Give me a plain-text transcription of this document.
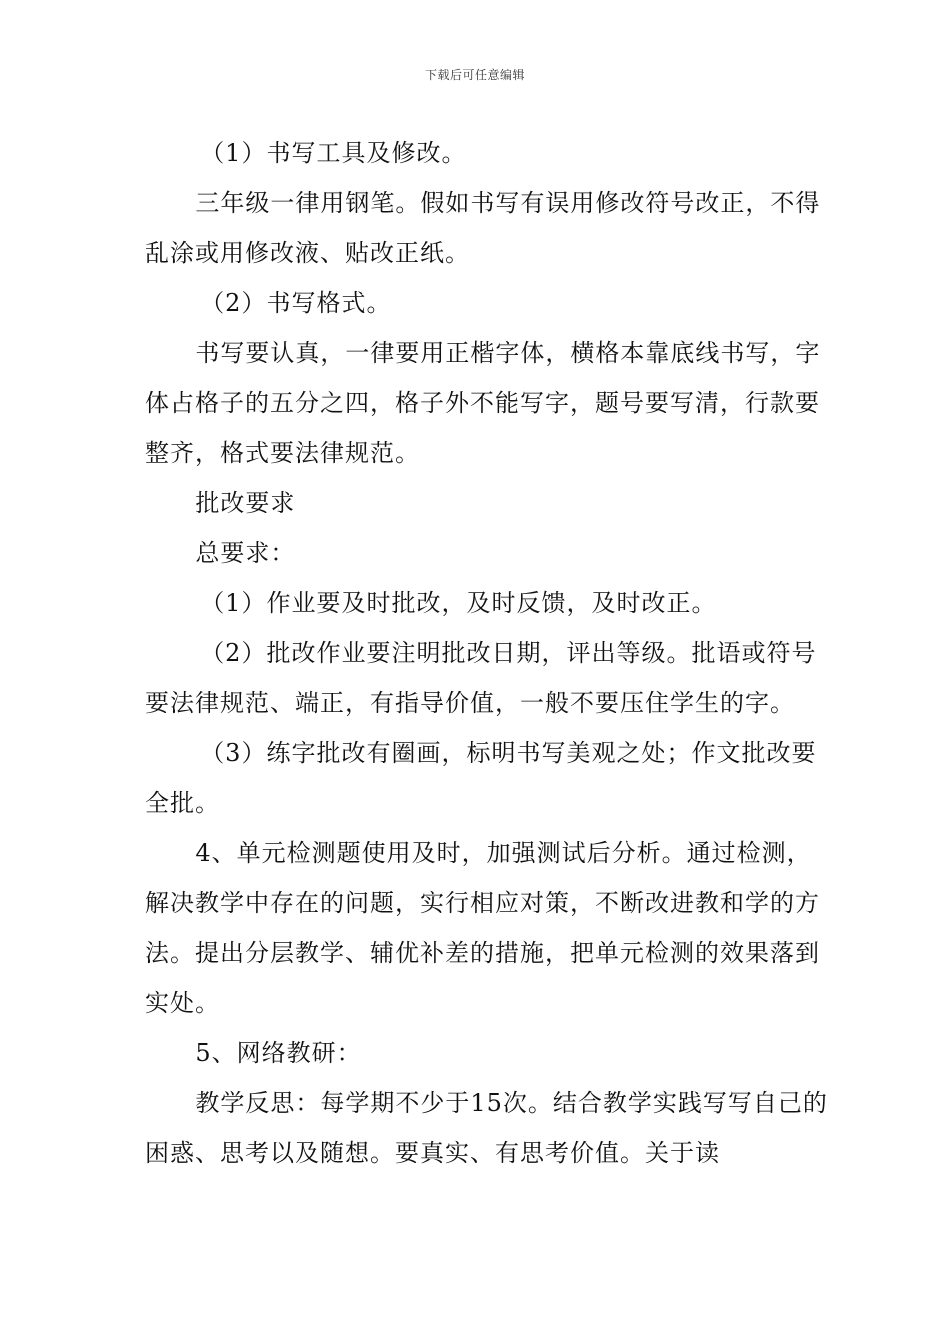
下载后可任意编辑

（1）书写工具及修改。

三年级一律用钢笔。假如书写有误用修改符号改正，不得乱涂或用修改液、贴改正纸。

（2）书写格式。

书写要认真，一律要用正楷字体，横格本靠底线书写，字体占格子的五分之四，格子外不能写字，题号要写清，行款要整齐，格式要法律规范。

批改要求

总要求：

（1）作业要及时批改，及时反馈，及时改正。

（2）批改作业要注明批改日期，评出等级。批语或符号要法律规范、端正，有指导价值，一般不要压住学生的字。

（3）练字批改有圈画，标明书写美观之处；作文批改要全批。

4、单元检测题使用及时，加强测试后分析。通过检测，解决教学中存在的问题，实行相应对策，不断改进教和学的方法。提出分层教学、辅优补差的措施，把单元检测的效果落到实处。

5、网络教研：

教学反思：每学期不少于15次。结合教学实践写写自己的困惑、思考以及随想。要真实、有思考价值。关于读
